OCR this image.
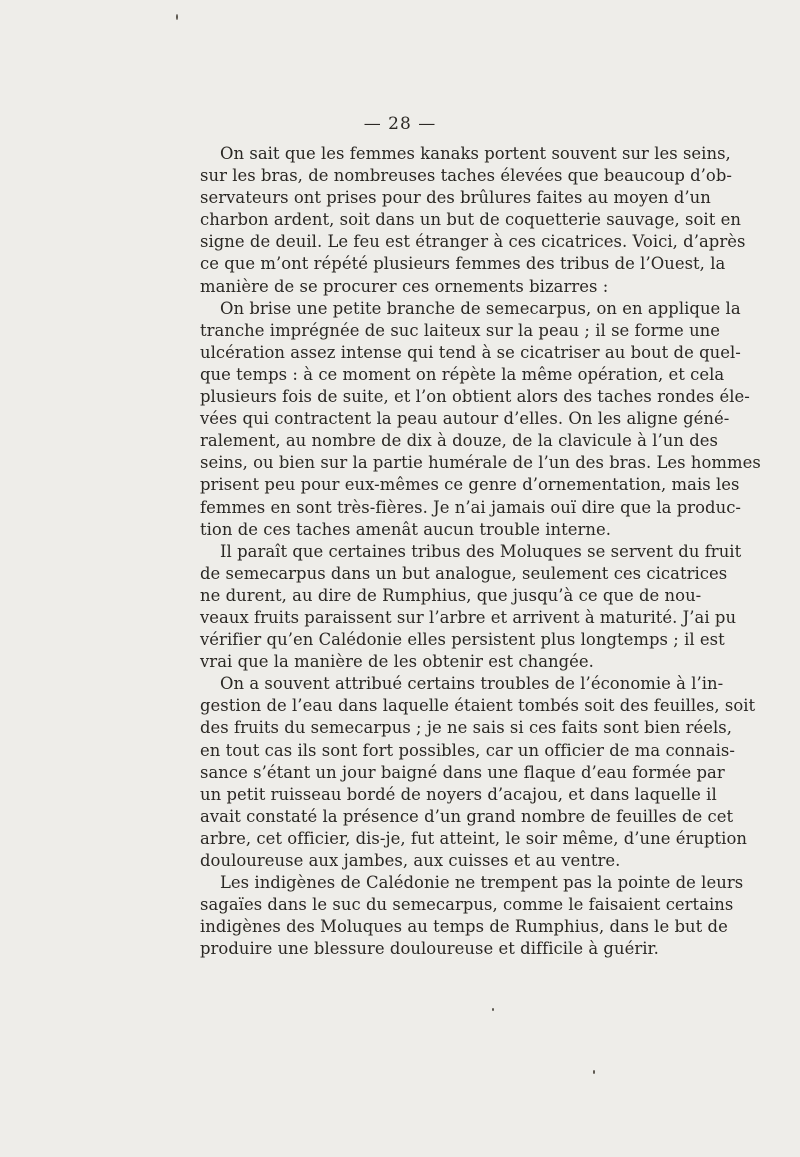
— 28 —
On sait que les femmes kanaks portent souvent sur les seins,
sur les bras, de nombreuses taches élevées que beaucoup d’ob-
servateurs ont prises pour des brûlures faites au moyen d’un
charbon ardent, soit dans un but de coquetterie sauvage, soit en
signe de deuil. Le feu est étranger à ces cicatrices. Voici, d’après
ce que m’ont répété plusieurs femmes des tribus de l’Ouest, la
manière de se procurer ces ornements bizarres :
On brise une petite branche de semecarpus, on en applique la
tranche imprégnée de suc laiteux sur la peau ; il se forme une
ulcération assez intense qui tend à se cicatriser au bout de quel-
que temps : à ce moment on répète la même opération, et cela
plusieurs fois de suite, et l’on obtient alors des taches rondes éle-
vées qui contractent la peau autour d’elles. On les aligne géné-
ralement, au nombre de dix à douze, de la clavicule à l’un des
seins, ou bien sur la partie humérale de l’un des bras. Les hommes
prisent peu pour eux-mêmes ce genre d’ornementation, mais les
femmes en sont très-fières. Je n’ai jamais ouï dire que la produc-
tion de ces taches amenât aucun trouble interne.
Il paraît que certaines tribus des Moluques se servent du fruit
de semecarpus dans un but analogue, seulement ces cicatrices
ne durent, au dire de Rumphius, que jusqu’à ce que de nou-
veaux fruits paraissent sur l’arbre et arrivent à maturité. J’ai pu
vérifier qu’en Calédonie elles persistent plus longtemps ; il est
vrai que la manière de les obtenir est changée.
On a souvent attribué certains troubles de l’économie à l’in-
gestion de l’eau dans laquelle étaient tombés soit des feuilles, soit
des fruits du semecarpus ; je ne sais si ces faits sont bien réels,
en tout cas ils sont fort possibles, car un officier de ma connais-
sance s’étant un jour baigné dans une flaque d’eau formée par
un petit ruisseau bordé de noyers d’acajou, et dans laquelle il
avait constaté la présence d’un grand nombre de feuilles de cet
arbre, cet officier, dis-je, fut atteint, le soir même, d’une éruption
douloureuse aux jambes, aux cuisses et au ventre.
Les indigènes de Calédonie ne trempent pas la pointe de leurs
sagaïes dans le suc du semecarpus, comme le faisaient certains
indigènes des Moluques au temps de Rumphius, dans le but de
produire une blessure douloureuse et difficile à guérir.
